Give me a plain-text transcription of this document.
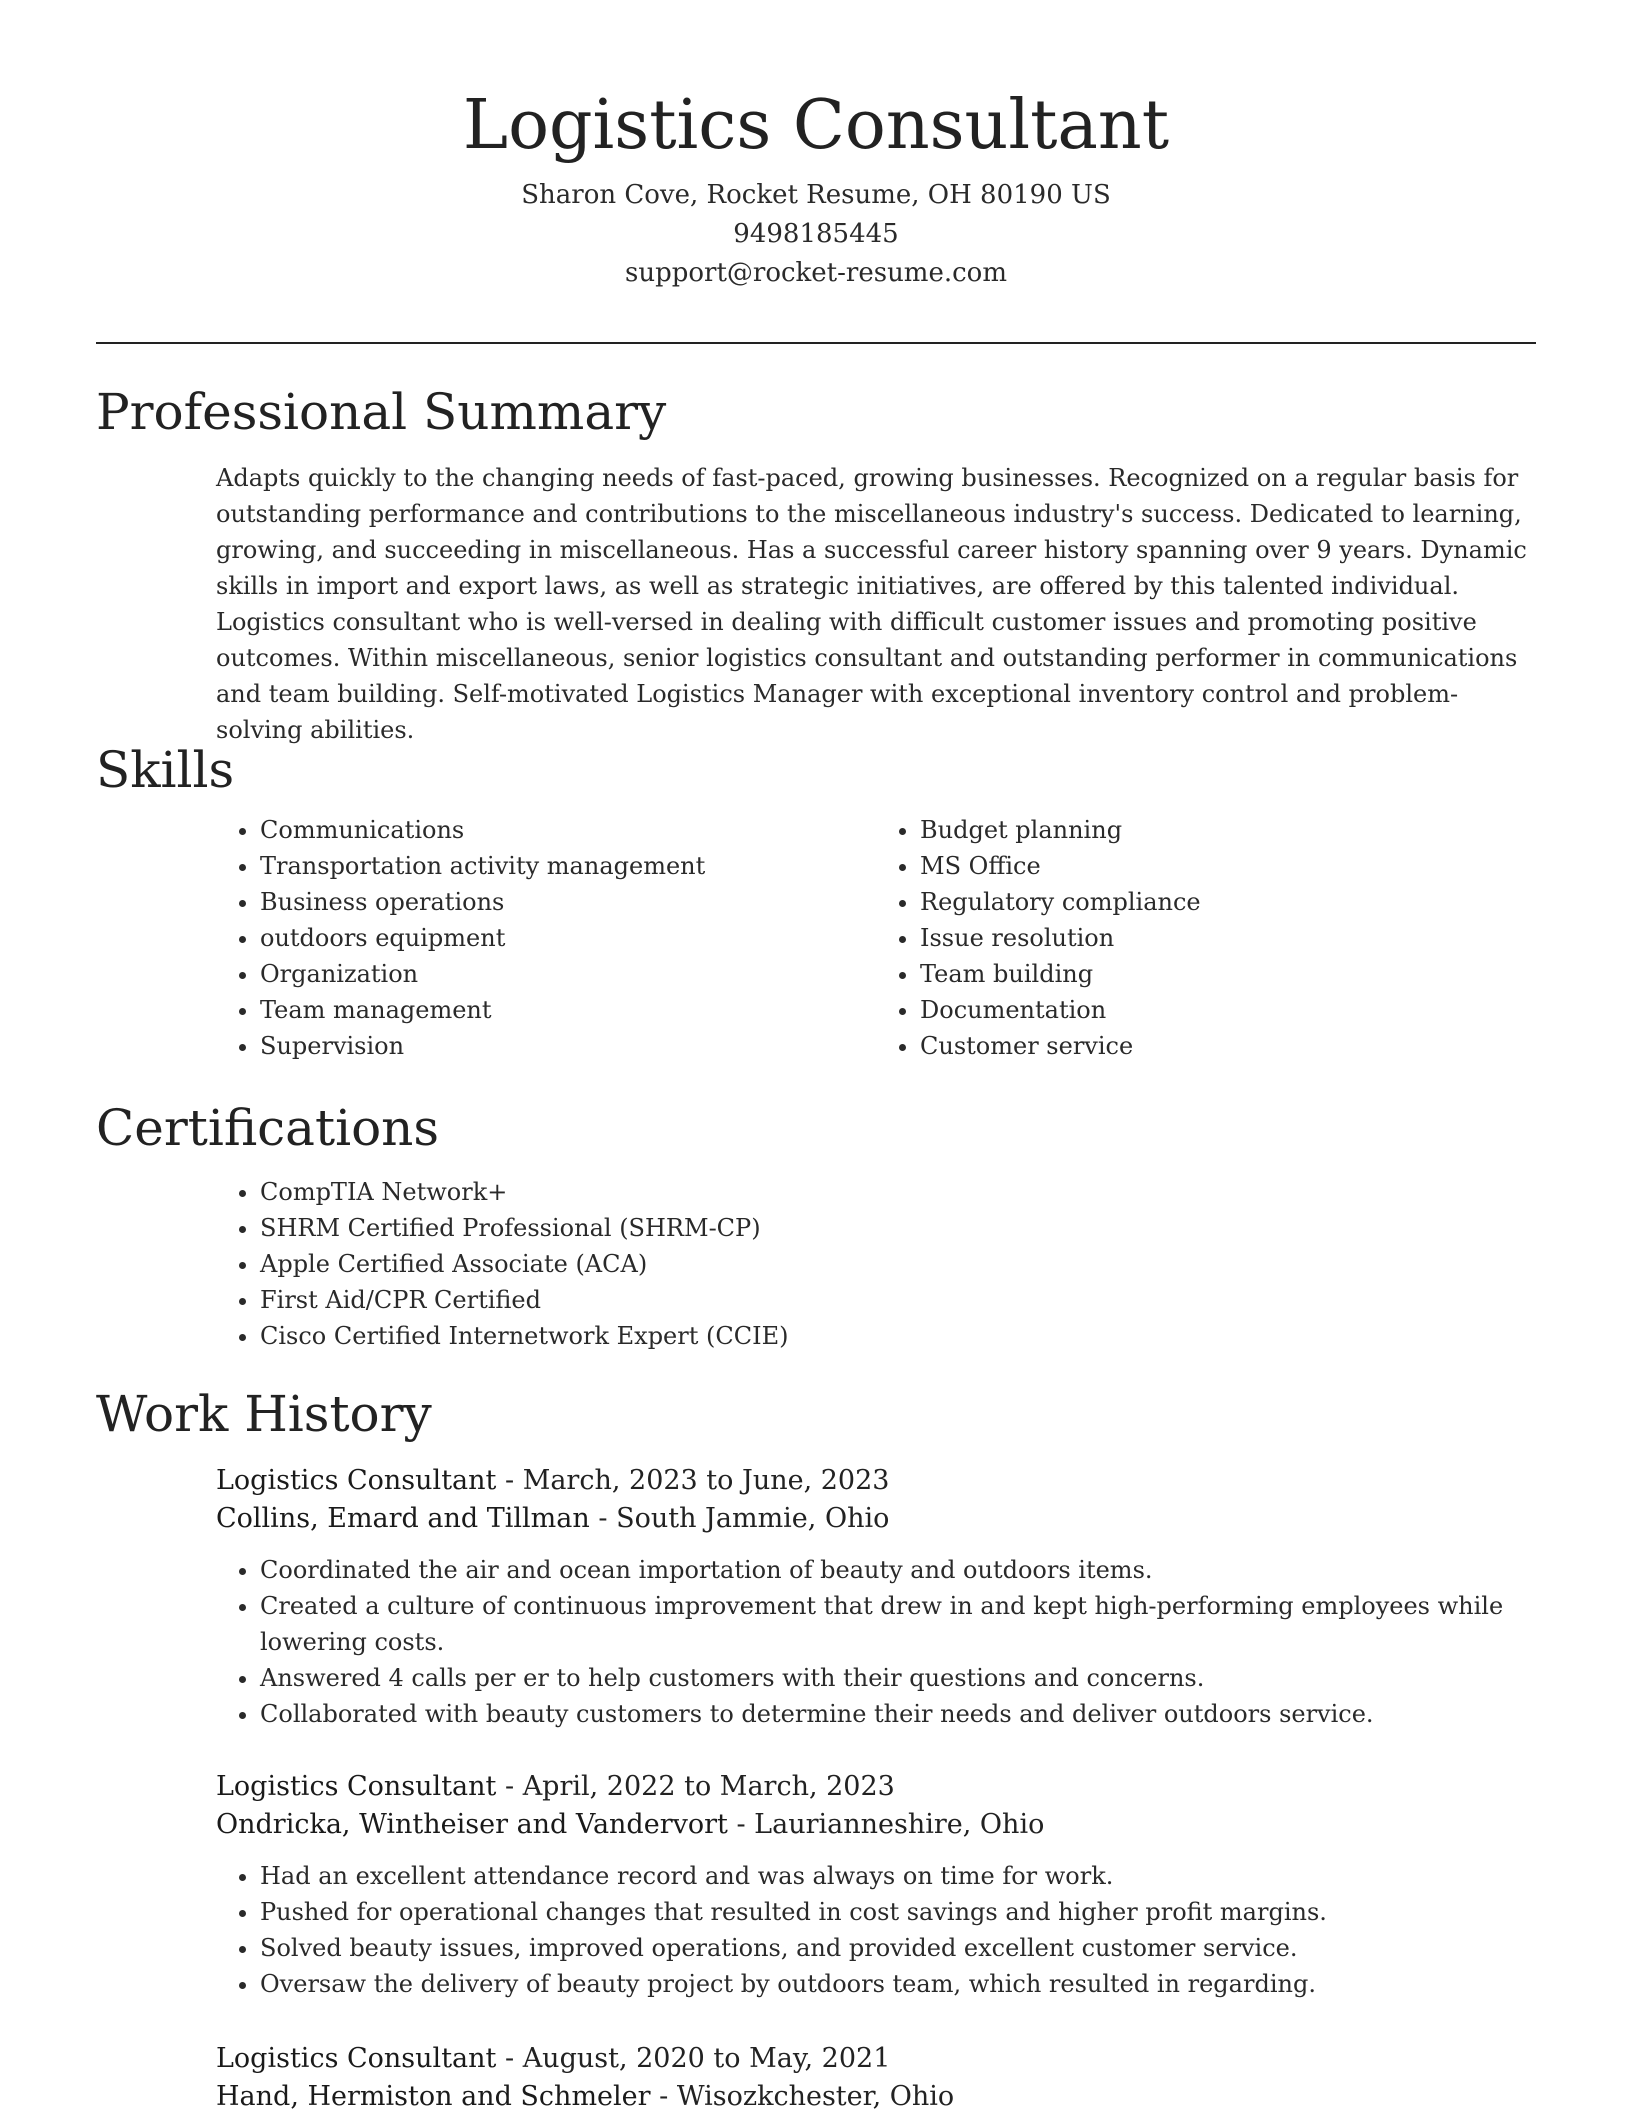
Logistics Consultant
Sharon Cove, Rocket Resume, OH 80190 US
9498185445
support@rocket-resume.com
Professional Summary
Adapts quickly to the changing needs of fast-paced, growing businesses. Recognized on a regular basis for outstanding performance and contributions to the miscellaneous industry's success. Dedicated to learning, growing, and succeeding in miscellaneous. Has a successful career history spanning over 9 years. Dynamic skills in import and export laws, as well as strategic initiatives, are offered by this talented individual. Logistics consultant who is well-versed in dealing with difficult customer issues and promoting positive outcomes. Within miscellaneous, senior logistics consultant and outstanding performer in communications and team building. Self-motivated Logistics Manager with exceptional inventory control and problem-solving abilities.
Skills
• Communications
• Transportation activity management
• Business operations
• outdoors equipment
• Organization
• Team management
• Supervision
• Budget planning
• MS Office
• Regulatory compliance
• Issue resolution
• Team building
• Documentation
• Customer service
Certifications
• CompTIA Network+
• SHRM Certified Professional (SHRM-CP)
• Apple Certified Associate (ACA)
• First Aid/CPR Certified
• Cisco Certified Internetwork Expert (CCIE)
Work History
Logistics Consultant - March, 2023 to June, 2023
Collins, Emard and Tillman - South Jammie, Ohio
• Coordinated the air and ocean importation of beauty and outdoors items.
• Created a culture of continuous improvement that drew in and kept high-performing employees while lowering costs.
• Answered 4 calls per er to help customers with their questions and concerns.
• Collaborated with beauty customers to determine their needs and deliver outdoors service.
Logistics Consultant - April, 2022 to March, 2023
Ondricka, Wintheiser and Vandervort - Laurianneshire, Ohio
• Had an excellent attendance record and was always on time for work.
• Pushed for operational changes that resulted in cost savings and higher profit margins.
• Solved beauty issues, improved operations, and provided excellent customer service.
• Oversaw the delivery of beauty project by outdoors team, which resulted in regarding.
Logistics Consultant - August, 2020 to May, 2021
Hand, Hermiston and Schmeler - Wisozkchester, Ohio
